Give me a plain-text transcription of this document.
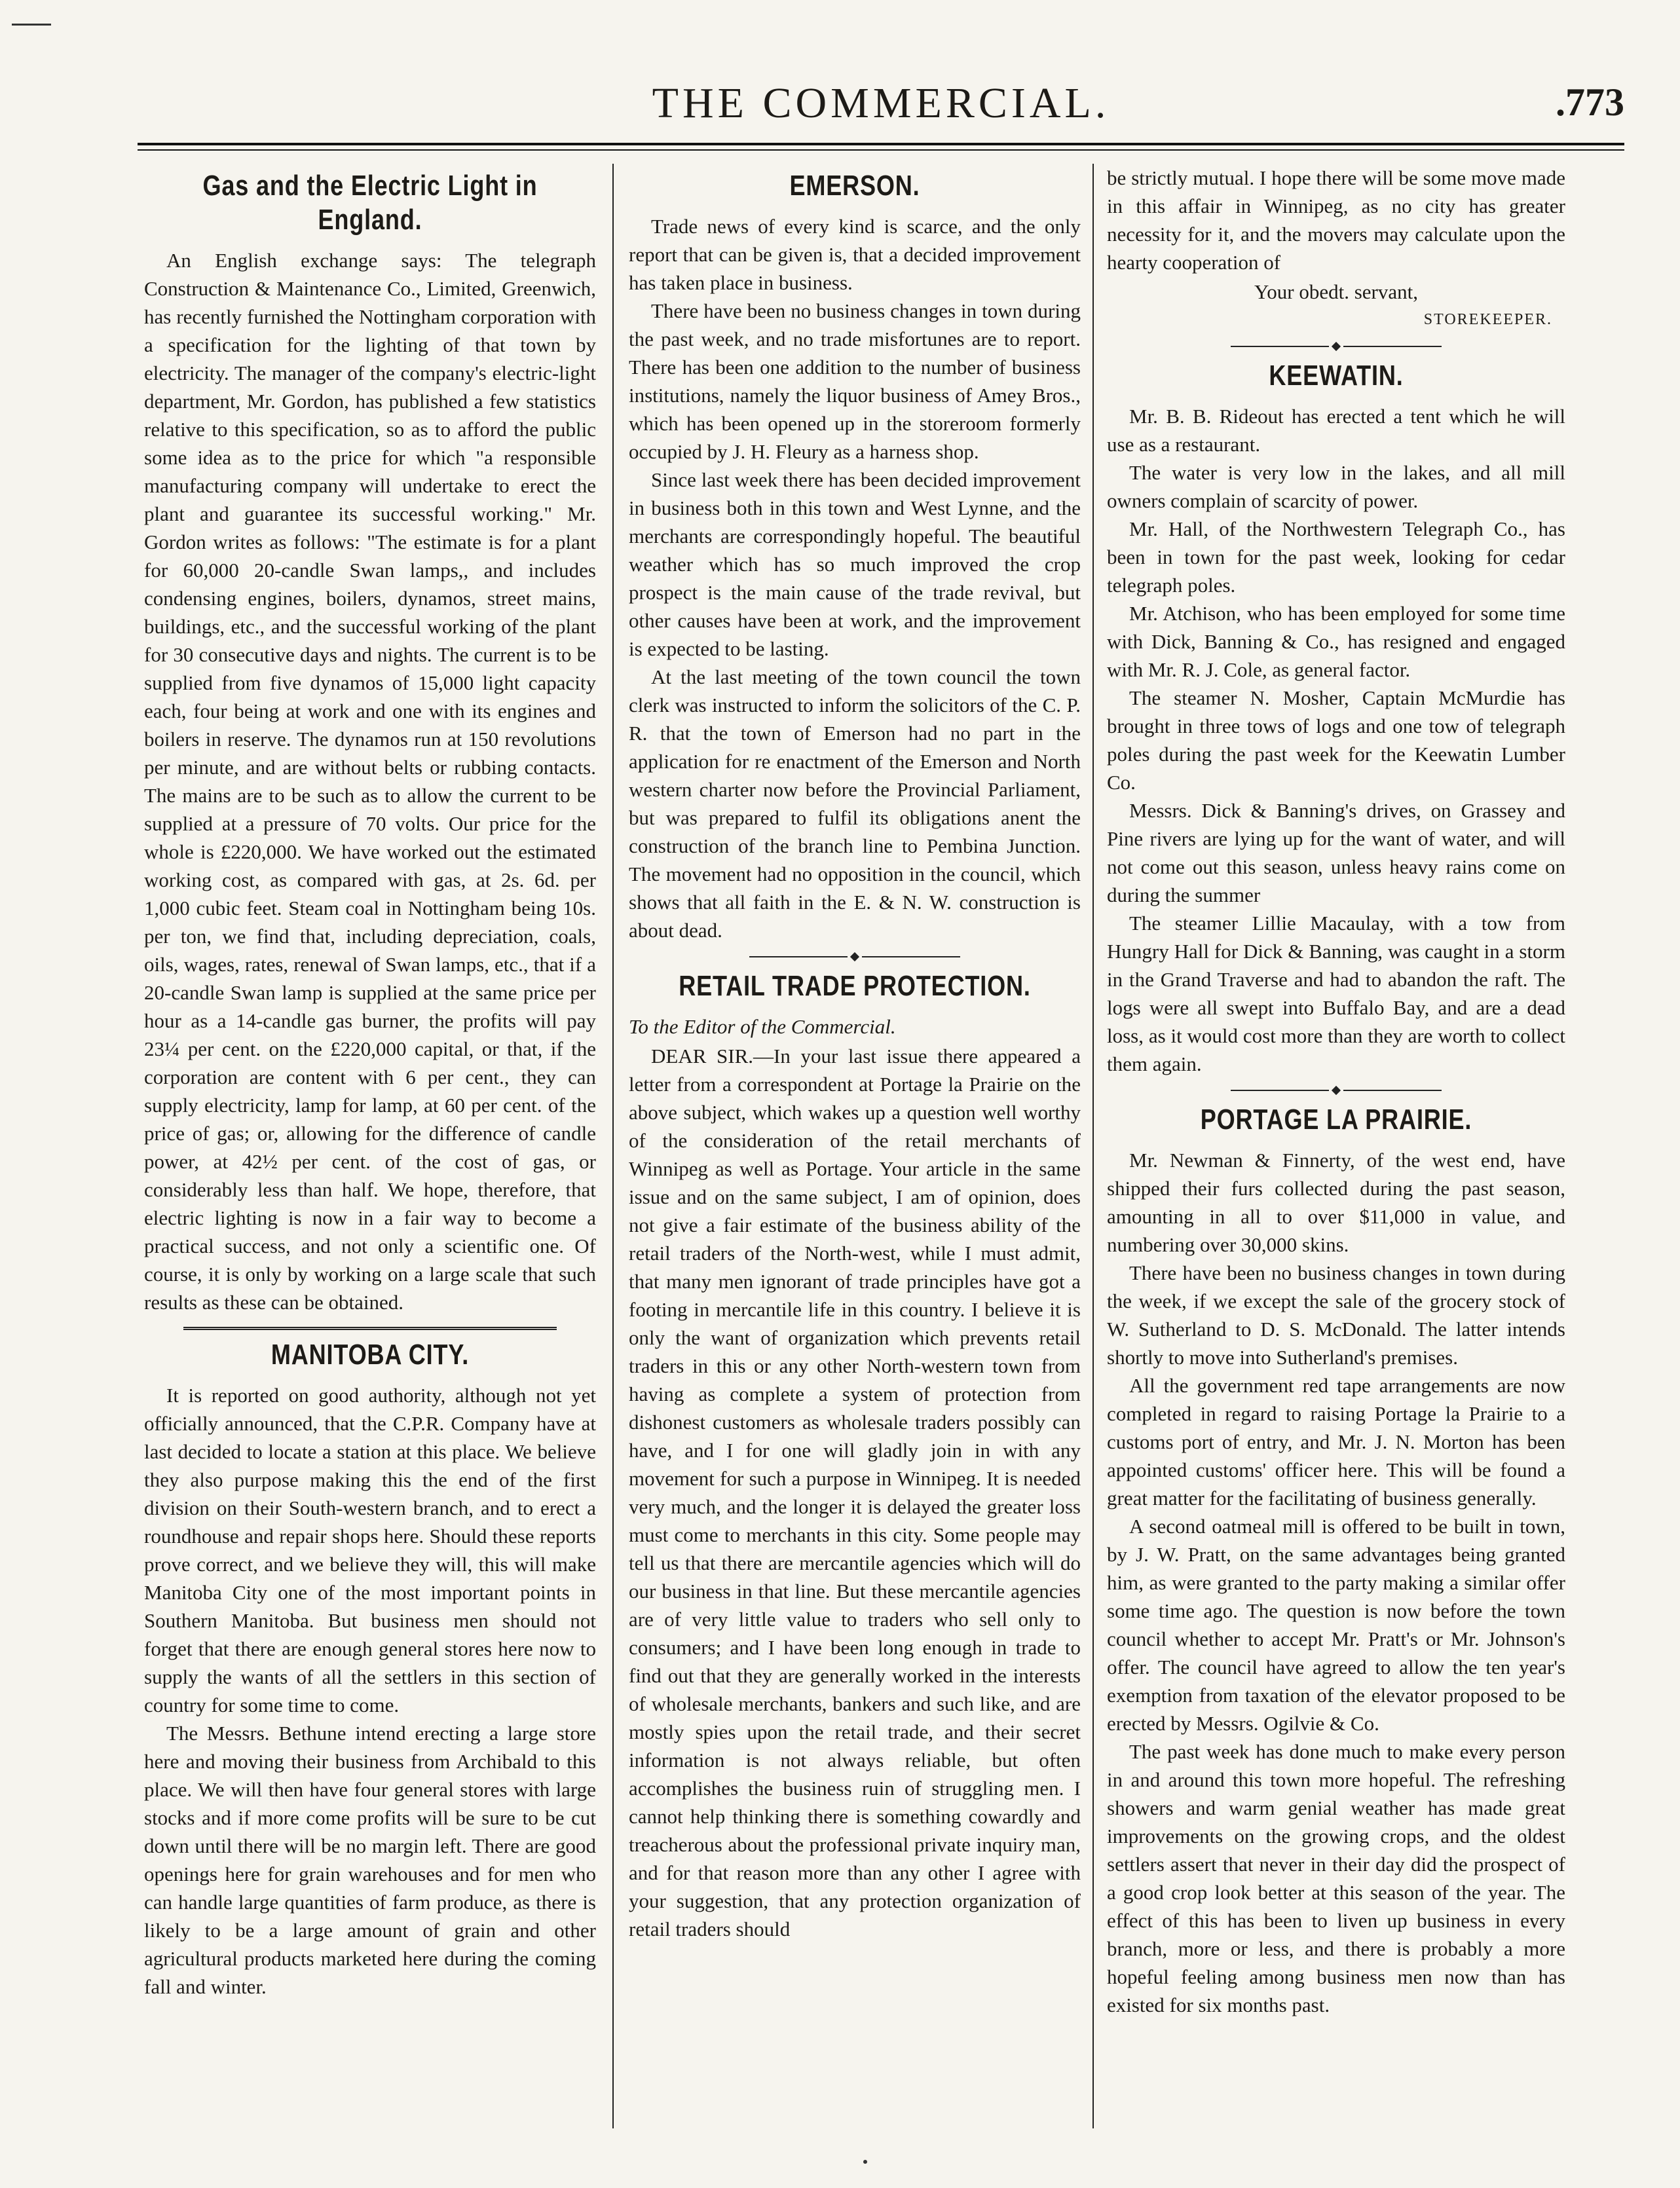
THE COMMERCIAL.	.773
Gas and the Electric Light in England.

An English exchange says: The telegraph Construction & Maintenance Co., Limited, Greenwich, has recently furnished the Nottingham corporation with a specification for the lighting of that town by electricity. The manager of the company's electric-light department, Mr. Gordon, has published a few statistics relative to this specification, so as to afford the public some idea as to the price for which "a responsible manufacturing company will undertake to erect the plant and guarantee its successful working." Mr. Gordon writes as follows: "The estimate is for a plant for 60,000 20-candle Swan lamps,, and includes condensing engines, boilers, dynamos, street mains, buildings, etc., and the successful working of the plant for 30 consecutive days and nights. The current is to be supplied from five dynamos of 15,000 light capacity each, four being at work and one with its engines and boilers in reserve. The dynamos run at 150 revolutions per minute, and are without belts or rubbing contacts. The mains are to be such as to allow the current to be supplied at a pressure of 70 volts. Our price for the whole is £220,000. We have worked out the estimated working cost, as compared with gas, at 2s. 6d. per 1,000 cubic feet. Steam coal in Nottingham being 10s. per ton, we find that, including depreciation, coals, oils, wages, rates, renewal of Swan lamps, etc., that if a 20-candle Swan lamp is supplied at the same price per hour as a 14-candle gas burner, the profits will pay 23¼ per cent. on the £220,000 capital, or that, if the corporation are content with 6 per cent., they can supply electricity, lamp for lamp, at 60 per cent. of the price of gas; or, allowing for the difference of candle power, at 42½ per cent. of the cost of gas, or considerably less than half. We hope, therefore, that electric lighting is now in a fair way to become a practical success, and not only a scientific one. Of course, it is only by working on a large scale that such results as these can be obtained.

MANITOBA CITY.

It is reported on good authority, although not yet officially announced, that the C.P.R. Company have at last decided to locate a station at this place. We believe they also purpose making this the end of the first division on their South-western branch, and to erect a roundhouse and repair shops here. Should these reports prove correct, and we believe they will, this will make Manitoba City one of the most important points in Southern Manitoba. But business men should not forget that there are enough general stores here now to supply the wants of all the settlers in this section of country for some time to come.

The Messrs. Bethune intend erecting a large store here and moving their business from Archibald to this place. We will then have four general stores with large stocks and if more come profits will be sure to be cut down until there will be no margin left. There are good openings here for grain warehouses and for men who can handle large quantities of farm produce, as there is likely to be a large amount of grain and other agricultural products marketed here during the coming fall and winter.

EMERSON.

Trade news of every kind is scarce, and the only report that can be given is, that a decided improvement has taken place in business.

There have been no business changes in town during the past week, and no trade misfortunes are to report. There has been one addition to the number of business institutions, namely the liquor business of Amey Bros., which has been opened up in the storeroom formerly occupied by J. H. Fleury as a harness shop.

Since last week there has been decided improvement in business both in this town and West Lynne, and the merchants are correspondingly hopeful. The beautiful weather which has so much improved the crop prospect is the main cause of the trade revival, but other causes have been at work, and the improvement is expected to be lasting.

At the last meeting of the town council the town clerk was instructed to inform the solicitors of the C. P. R. that the town of Emerson had no part in the application for re enactment of the Emerson and North western charter now before the Provincial Parliament, but was prepared to fulfil its obligations anent the construction of the branch line to Pembina Junction. The movement had no opposition in the council, which shows that all faith in the E. & N. W. construction is about dead.

RETAIL TRADE PROTECTION.

To the Editor of the Commercial.

DEAR SIR.—In your last issue there appeared a letter from a correspondent at Portage la Prairie on the above subject, which wakes up a question well worthy of the consideration of the retail merchants of Winnipeg as well as Portage. Your article in the same issue and on the same subject, I am of opinion, does not give a fair estimate of the business ability of the retail traders of the North-west, while I must admit, that many men ignorant of trade principles have got a footing in mercantile life in this country. I believe it is only the want of organization which prevents retail traders in this or any other North-western town from having as complete a system of protection from dishonest customers as wholesale traders possibly can have, and I for one will gladly join in with any movement for such a purpose in Winnipeg. It is needed very much, and the longer it is delayed the greater loss must come to merchants in this city. Some people may tell us that there are mercantile agencies which will do our business in that line. But these mercantile agencies are of very little value to traders who sell only to consumers; and I have been long enough in trade to find out that they are generally worked in the interests of wholesale merchants, bankers and such like, and are mostly spies upon the retail trade, and their secret information is not always reliable, but often accomplishes the business ruin of struggling men. I cannot help thinking there is something cowardly and treacherous about the professional private inquiry man, and for that reason more than any other I agree with your suggestion, that any protection organization of retail traders should

be strictly mutual. I hope there will be some move made in this affair in Winnipeg, as no city has greater necessity for it, and the movers may calculate upon the hearty cooperation of

Your obedt. servant,

STOREKEEPER.

KEEWATIN.

Mr. B. B. Rideout has erected a tent which he will use as a restaurant.

The water is very low in the lakes, and all mill owners complain of scarcity of power.

Mr. Hall, of the Northwestern Telegraph Co., has been in town for the past week, looking for cedar telegraph poles.

Mr. Atchison, who has been employed for some time with Dick, Banning & Co., has resigned and engaged with Mr. R. J. Cole, as general factor.

The steamer N. Mosher, Captain McMurdie has brought in three tows of logs and one tow of telegraph poles during the past week for the Keewatin Lumber Co.

Messrs. Dick & Banning's drives, on Grassey and Pine rivers are lying up for the want of water, and will not come out this season, unless heavy rains come on during the summer

The steamer Lillie Macaulay, with a tow from Hungry Hall for Dick & Banning, was caught in a storm in the Grand Traverse and had to abandon the raft. The logs were all swept into Buffalo Bay, and are a dead loss, as it would cost more than they are worth to collect them again.

PORTAGE LA PRAIRIE.

Mr. Newman & Finnerty, of the west end, have shipped their furs collected during the past season, amounting in all to over $11,000 in value, and numbering over 30,000 skins.

There have been no business changes in town during the week, if we except the sale of the grocery stock of W. Sutherland to D. S. McDonald. The latter intends shortly to move into Sutherland's premises.

All the government red tape arrangements are now completed in regard to raising Portage la Prairie to a customs port of entry, and Mr. J. N. Morton has been appointed customs' officer here. This will be found a great matter for the facilitating of business generally.

A second oatmeal mill is offered to be built in town, by J. W. Pratt, on the same advantages being granted him, as were granted to the party making a similar offer some time ago. The question is now before the town council whether to accept Mr. Pratt's or Mr. Johnson's offer. The council have agreed to allow the ten year's exemption from taxation of the elevator proposed to be erected by Messrs. Ogilvie & Co.

The past week has done much to make every person in and around this town more hopeful. The refreshing showers and warm genial weather has made great improvements on the growing crops, and the oldest settlers assert that never in their day did the prospect of a good crop look better at this season of the year. The effect of this has been to liven up business in every branch, more or less, and there is probably a more hopeful feeling among business men now than has existed for six months past.
